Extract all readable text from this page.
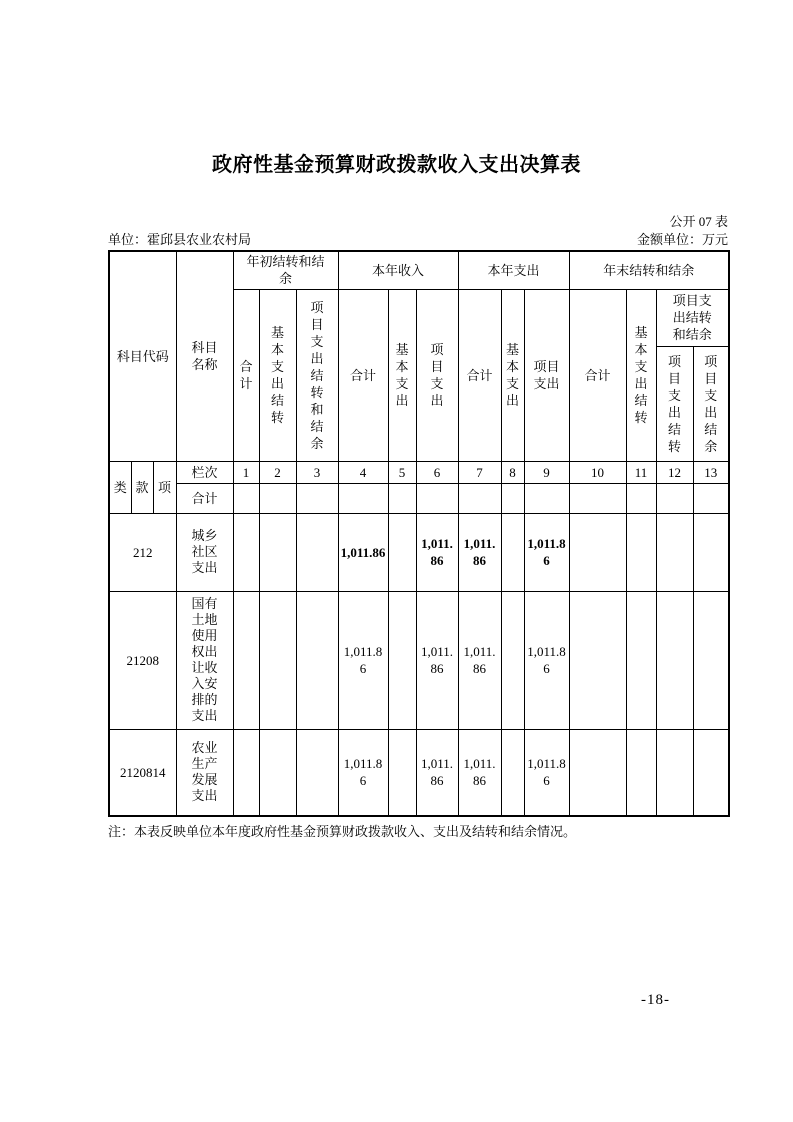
政府性基金预算财政拨款收入支出决算表
单位：霍邱县农业农村局
公开 07 表
金额单位：万元
科目代码			科目名称	年初结转和结余			本年收入			本年支出			年末结转和结余			
				合计	基本支出结转	项目支出结转和结余	合计	基本支出	项目支出	合计	基本支出	项目支出	合计	基本支出结转	项目支出结转和结余	
															项目支出结转	项目支出结余
类	款	项	栏次	1	2	3	4	5	6	7	8	9	10	11	12	13
			合计													
212			城乡社区支出				1,011.86		1,011.86	1,011.86		1,011.86				
21208			国有土地使用权出让收入安排的支出				1,011.86		1,011.86	1,011.86		1,011.86				
2120814			农业生产发展支出				1,011.86		1,011.86	1,011.86		1,011.86				
注：本表反映单位本年度政府性基金预算财政拨款收入、支出及结转和结余情况。
-18-
